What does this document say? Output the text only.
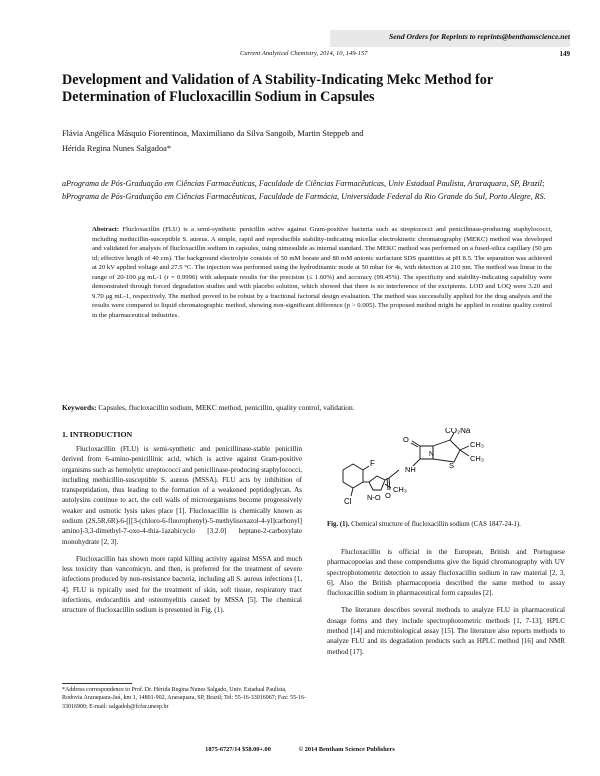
Send Orders for Reprints to reprints@benthamscience.net
Current Analytical Chemistry, 2014, 10, 149-157	149
Development and Validation of A Stability-Indicating Mekc Method for Determination of Flucloxacillin Sodium in Capsules
Flávia Angélica Másquio Fiorentinoa, Maximiliano da Silva Sangoib, Martin Steppeb and
Hérida Regina Nunes Salgadoa*
aPrograma de Pós-Graduação em Ciências Farmacêuticas, Faculdade de Ciências Farmacêuticas, Univ Estadual Paulista, Araraquara, SP, Brazil; bPrograma de Pós-Graduação em Ciências Farmacêuticas, Faculdade de Farmácia, Universidade Federal do Rio Grande do Sul, Porto Alegre, RS.
Abstract: Flucloxacillin (FLU) is a semi-synthetic penicillin active against Gram-positive bacteria such as streptococci and penicilinase-producing staphylococci, including methicillin-susceptible S. aureus. A simple, rapid and reproducible stability-indicating micellar electrokinetic chromatography (MEKC) method was developed and validated for analysis of flucloxacillin sodium in capsules, using nimesulide as internal standard. The MEKC method was performed on a fused-silica capillary (50 μm id; effective length of 40 cm). The background electrolyte consists of 50 mM borate and 80 mM anionic surfactant SDS quantities at pH 8.5. The separation was achieved at 20 kV applied voltage and 27.5 °C. The injection was performed using the hydrodinamic mode at 50 mbar for 4s, with detection at 210 nm. The method was linear in the range of 20-100 μg mL-1 (r = 0.9996) with adequate results for the precision (≤ 1.60%) and accuracy (99.45%). The specificity and stability-indicating capability were demonstrated through forced degradation studies and with placebo solution, which showed that there is no interference of the excipients. LOD and LOQ were 3.20 and 9.70 μg mL-1, respectively. The method proved to be robust by a fractional factorial design evaluation. The method was successfully applied for the drug analysis and the results were compared to liquid chromatographic method, showing non-significant difference (p > 0.005). The proposed method might be applied in routine quality control in the pharmaceutical industries.
Keywords: Capsules, flucloxacillin sodium, MEKC method, penicillin, quality control, validation.
1. INTRODUCTION

Flucloxacillin (FLU) is semi-synthetic and penicillinase-stable penicillin derived from 6-amino-penicillinic acid, which is active against Gram-positive organisms such as hemolytic streptococci and penicilinase-producing staphylococci, including methicillin-susceptible S. aureus (MSSA). FLU acts by inhibition of transpeptidation, thus leading to the formation of a weakened peptidoglycan. As autolysins continue to act, the cell walls of microorganisms become progressively weaker and osmotic lysis takes place [1]. Flucloxacillin is chemically known as sodium (2S,5R,6R)-6-[[[3-(chloro-6-fluorophenyl)-5-methylisoxazol-4-yl]carbonyl] amino]-3,3-dimethyl-7-oxo-4-thia-1azabicyclo [3.2.0] heptane-2-carboxylate monohydrate [2, 3].

Flucloxacillin has shown more rapid killing activity against MSSA and much less toxicity than vancomicyn, and then, is preferred for the treatment of severe infections produced by non-resistance bacteria, including all S. aureus infections [1, 4]. FLU is typically used for the treatment of skin, soft tissue, respiratory tract infections, endocarditis and osteomyelitis caused by MSSA [5]. The chemical structure of flucloxacillin sodium is presented in Fig. (1).

*Address correspondence to Prof. Dr. Hérida Regina Nunes Salgado, Univ. Estadual Paulista, Rodovia Araraquara-Jaú, km 1, 14801-902, Araraquara, SP, Brazil; Tel: 55-16-33016967; Fax: 55-16-33016900; E-mail: salgadoh@fcfar.unesp.br
CO₂Na
CH₃
CH₃
N
S
O
NH
O
F
Cl
CH₃
N-O
Fig. (1). Chemical structure of flucloxacillin sodium (CAS 1847-24-1).

Flucloxacillin is official in the European, British and Portuguese pharmacopoeias and these compendiums give the liquid chromatography with UV spectrophotometric detection to assay flucloxacillin sodium in raw material [2, 3, 6]. Also the British pharmacopoeia described the same method to assay flucloxacillin sodium in pharmaceutical form capsules [2].

The literature describes several methods to analyze FLU in pharmaceutical dosage forms and they include spectrophotometric methods [1, 7-13], HPLC method [14] and microbiological assay [15]. The literature also reports methods to analyze FLU and its degradation products such as HPLC method [16] and NMR method [17].

1875-6727/14 $58.00+.00	© 2014 Bentham Science Publishers
